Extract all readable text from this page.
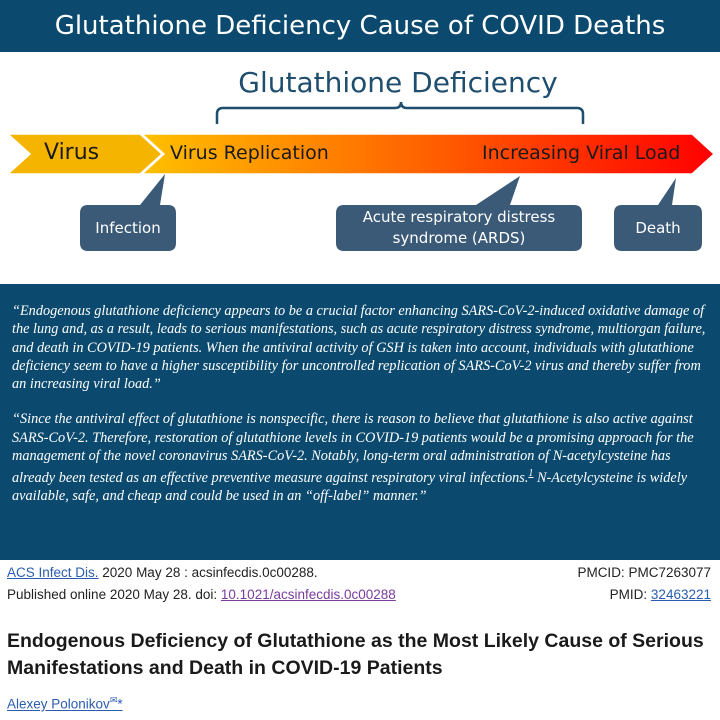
Glutathione Deficiency Cause of COVID Deaths
Glutathione Deficiency
Virus	Virus Replication	Increasing Viral Load
Infection
Acute respiratory distress
syndrome (ARDS)
Death

“Endogenous glutathione deficiency appears to be a crucial factor enhancing SARS-CoV-2-induced oxidative damage of the lung and, as a result, leads to serious manifestations, such as acute respiratory distress syndrome, multiorgan failure, and death in COVID-19 patients. When the antiviral activity of GSH is taken into account, individuals with glutathione deficiency seem to have a higher susceptibility for uncontrolled replication of SARS-CoV-2 virus and thereby suffer from an increasing viral load.”

“Since the antiviral effect of glutathione is nonspecific, there is reason to believe that glutathione is also active against SARS-CoV-2. Therefore, restoration of glutathione levels in COVID-19 patients would be a promising approach for the management of the novel coronavirus SARS-CoV-2. Notably, long-term oral administration of N-acetylcysteine has already been tested as an effective preventive measure against respiratory viral infections.$^1$ N-Acetylcysteine is widely available, safe, and cheap and could be used in an “off-label” manner.”

ACS Infect Dis. 2020 May 28 : acsinfecdis.0c00288.	PMCID: PMC7263077
Published online 2020 May 28. doi: 10.1021/acsinfecdis.0c00288	PMID: 32463221
Endogenous Deficiency of Glutathione as the Most Likely Cause of Serious Manifestations and Death in COVID-19 Patients
Alexey Polonikov✉*
